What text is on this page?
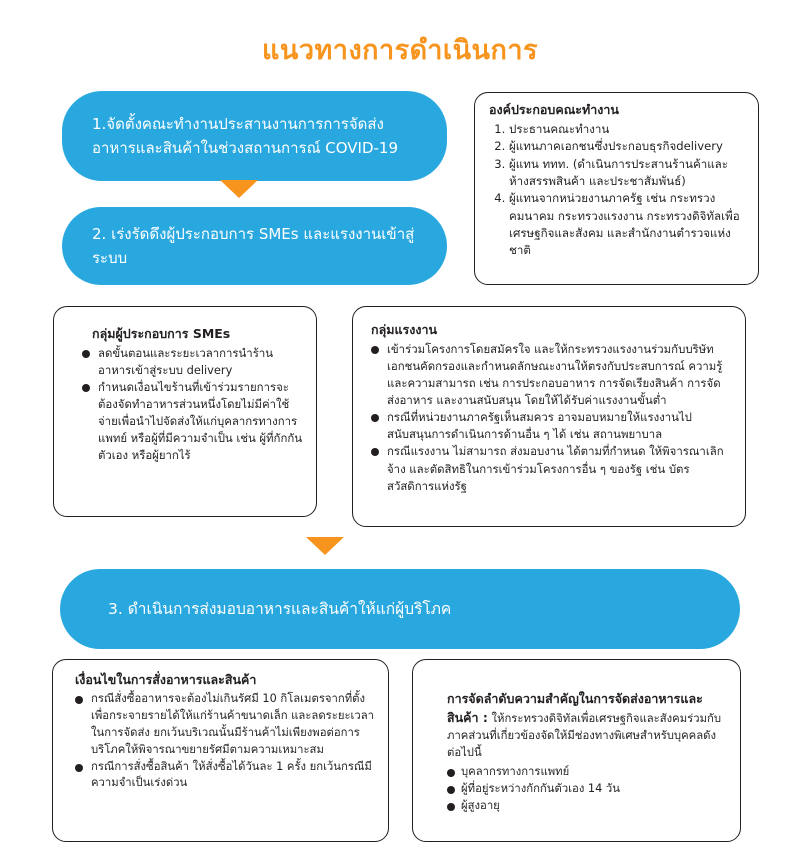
แนวทางการดำเนินการ
1.จัดตั้งคณะทำงานประสานงานการการจัดส่งอาหารและสินค้าในช่วงสถานการณ์ COVID-19
2. เร่งรัดดึงผู้ประกอบการ SMEs และแรงงานเข้าสู่ระบบ
องค์ประกอบคณะทำงาน
1. ประธานคณะทำงาน
2. ผู้แทนภาคเอกชนซึ่งประกอบธุรกิจdelivery
3. ผู้แทน ททท. (ดำเนินการประสานร้านค้าและห้างสรรพสินค้า และประชาสัมพันธ์)
4. ผู้แทนจากหน่วยงานภาครัฐ เช่น กระทรวงคมนาคม กระทรวงแรงงาน กระทรวงดิจิทัลเพื่อเศรษฐกิจและสังคม และสำนักงานตำรวจแห่งชาติ
กลุ่มผู้ประกอบการ SMEs
ลดขั้นตอนและระยะเวลาการนำร้านอาหารเข้าสู่ระบบ delivery
กำหนดเงื่อนไขร้านที่เข้าร่วมรายการจะต้องจัดทำอาหารส่วนหนึ่งโดยไม่มีค่าใช้จ่ายเพื่อนำไปจัดส่งให้แก่บุคลากรทางการแพทย์ หรือผู้ที่มีความจำเป็น เช่น ผู้ที่กักกันตัวเอง หรือผู้ยากไร้
กลุ่มแรงงาน
เข้าร่วมโครงการโดยสมัครใจ และให้กระทรวงแรงงานร่วมกับบริษัทเอกชนคัดกรองและกำหนดลักษณะงานให้ตรงกับประสบการณ์ ความรู้ และความสามารถ เช่น การประกอบอาหาร การจัดเรียงสินค้า การจัดส่งอาหาร และงานสนับสนุน โดยให้ได้รับค่าแรงงานขั้นต่ำ
กรณีที่หน่วยงานภาครัฐเห็นสมควร อาจมอบหมายให้แรงงานไปสนับสนุนการดำเนินการด้านอื่น ๆ ได้ เช่น สถานพยาบาล
กรณีแรงงาน ไม่สามารถ ส่งมอบงาน ได้ตามที่กำหนด ให้พิจารณาเลิกจ้าง และตัดสิทธิในการเข้าร่วมโครงการอื่น ๆ ของรัฐ เช่น บัตรสวัสดิการแห่งรัฐ
3. ดำเนินการส่งมอบอาหารและสินค้าให้แก่ผู้บริโภค
เงื่อนไขในการสั่งอาหารและสินค้า
กรณีสั่งซื้ออาหารจะต้องไม่เกินรัศมี 10 กิโลเมตรจากที่ตั้ง เพื่อกระจายรายได้ให้แก่ร้านค้าขนาดเล็ก และลดระยะเวลาในการจัดส่ง ยกเว้นบริเวณนั้นมีร้านค้าไม่เพียงพอต่อการบริโภคให้พิจารณาขยายรัศมีตามความเหมาะสม
กรณีการสั่งซื้อสินค้า ให้สั่งซื้อได้วันละ 1 ครั้ง ยกเว้นกรณีมีความจำเป็นเร่งด่วน

การจัดลำดับความสำคัญในการจัดส่งอาหารและสินค้า : ให้กระทรวงดิจิทัลเพื่อเศรษฐกิจและสังคมร่วมกับภาคส่วนที่เกี่ยวข้องจัดให้มีช่องทางพิเศษสำหรับบุคคลดังต่อไปนี้

บุคลากรทางการแพทย์
ผู้ที่อยู่ระหว่างกักกันตัวเอง 14 วัน
ผู้สูงอายุ
